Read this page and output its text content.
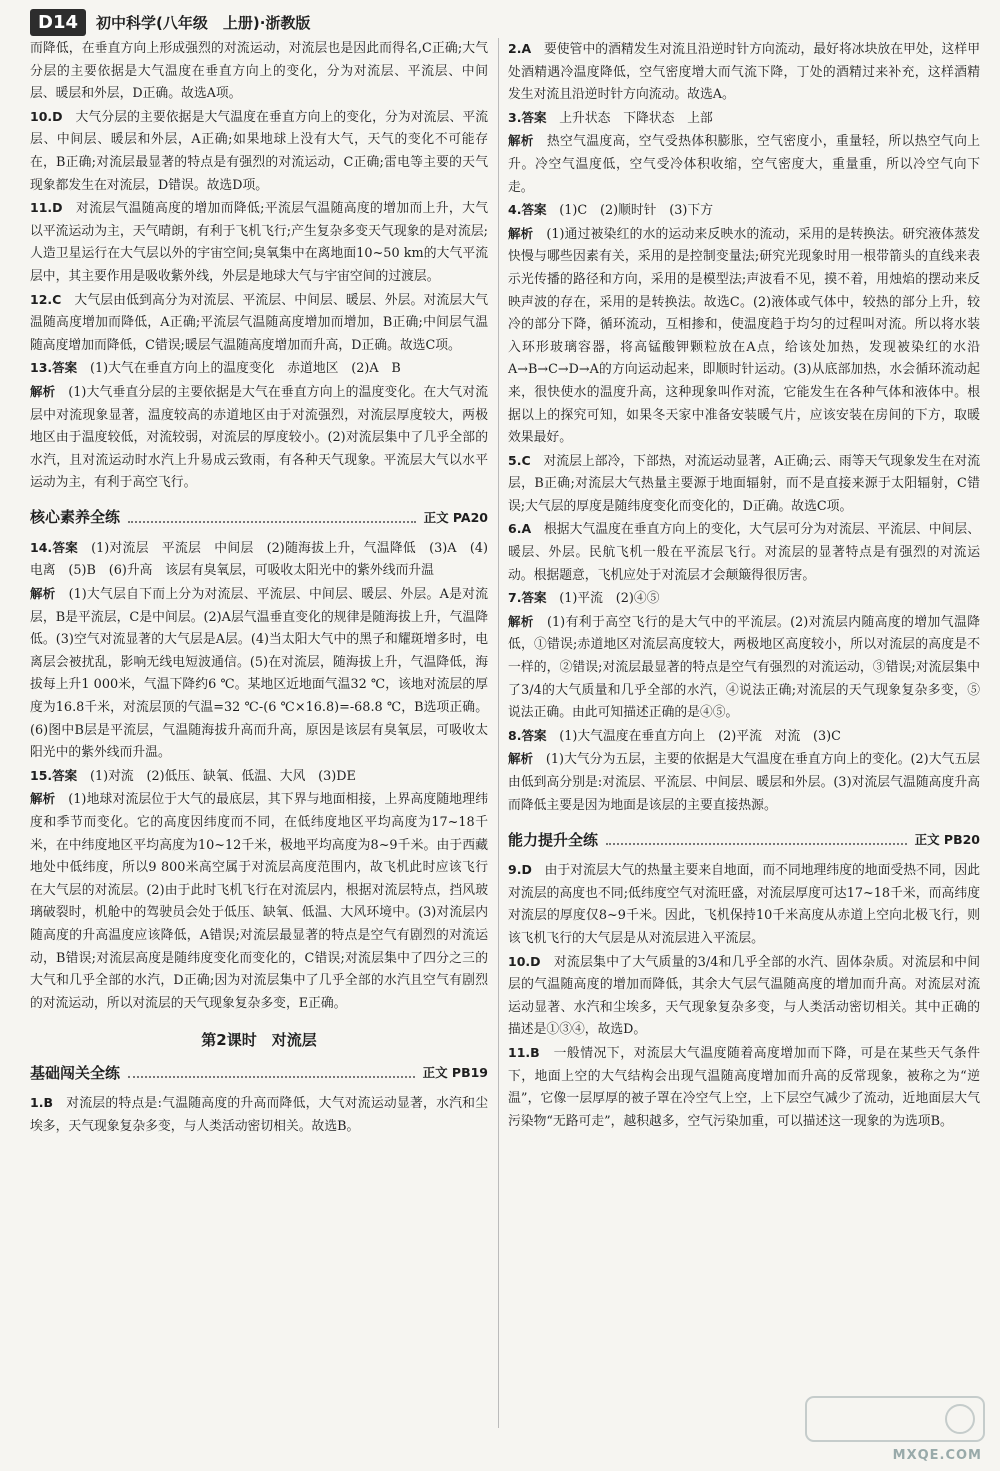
D14	初中科学(八年级　上册)·浙教版

而降低，在垂直方向上形成强烈的对流运动，对流层也是因此而得名,C正确;大气分层的主要依据是大气温度在垂直方向上的变化，分为对流层、平流层、中间层、暖层和外层，D正确。故选A项。

10.D　 大气分层的主要依据是大气温度在垂直方向上的变化，分为对流层、平流层、中间层、暖层和外层，A正确;如果地球上没有大气，天气的变化不可能存在，B正确;对流层最显著的特点是有强烈的对流运动，C正确;雷电等主要的天气现象都发生在对流层，D错误。故选D项。

11.D　 对流层气温随高度的增加而降低;平流层气温随高度的增加而上升，大气以平流运动为主，天气晴朗，有利于飞机飞行;产生复杂多变天气现象的是对流层;人造卫星运行在大气层以外的宇宙空间;臭氧集中在离地面10~50 km的大气平流层中，其主要作用是吸收紫外线，外层是地球大气与宇宙空间的过渡层。

12.C　 大气层由低到高分为对流层、平流层、中间层、暖层、外层。对流层大气温随高度增加而降低，A正确;平流层气温随高度增加而增加，B正确;中间层气温随高度增加而降低，C错误;暖层气温随高度增加而升高，D正确。故选C项。

13.答案　 (1)大气在垂直方向上的温度变化　赤道地区　(2)A　B

解析　 (1)大气垂直分层的主要依据是大气在垂直方向上的温度变化。在大气对流层中对流现象显著，温度较高的赤道地区由于对流强烈，对流层厚度较大，两极地区由于温度较低，对流较弱，对流层的厚度较小。(2)对流层集中了几乎全部的水汽，且对流运动时水汽上升易成云致雨，有各种天气现象。平流层大气以水平运动为主，有利于高空飞行。

核心素养全练	正文 PA20

14.答案　 (1)对流层　平流层　中间层　(2)随海拔上升，气温降低　(3)A　(4)电离　(5)B　(6)升高　该层有臭氧层，可吸收太阳光中的紫外线而升温

解析　 (1)大气层自下而上分为对流层、平流层、中间层、暖层、外层。A是对流层，B是平流层，C是中间层。(2)A层气温垂直变化的规律是随海拔上升，气温降低。(3)空气对流显著的大气层是A层。(4)当太阳大气中的黑子和耀斑增多时，电离层会被扰乱，影响无线电短波通信。(5)在对流层，随海拔上升，气温降低，海拔每上升1 000米，气温下降约6 ℃。某地区近地面气温32 ℃，该地对流层的厚度为16.8千米，对流层顶的气温=32 ℃-(6 ℃×16.8)=-68.8 ℃，B选项正确。(6)图中B层是平流层，气温随海拔升高而升高，原因是该层有臭氧层，可吸收太阳光中的紫外线而升温。

15.答案　 (1)对流　(2)低压、缺氧、低温、大风　(3)DE

解析　 (1)地球对流层位于大气的最底层，其下界与地面相接，上界高度随地理纬度和季节而变化。它的高度因纬度而不同，在低纬度地区平均高度为17~18千米，在中纬度地区平均高度为10~12千米，极地平均高度为8~9千米。由于西藏地处中低纬度，所以9 800米高空属于对流层高度范围内，故飞机此时应该飞行在大气层的对流层。(2)由于此时飞机飞行在对流层内，根据对流层特点，挡风玻璃破裂时，机舱中的驾驶员会处于低压、缺氧、低温、大风环境中。(3)对流层内随高度的升高温度应该降低，A错误;对流层最显著的特点是空气有剧烈的对流运动，B错误;对流层高度是随纬度变化而变化的，C错误;对流层集中了四分之三的大气和几乎全部的水汽，D正确;因为对流层集中了几乎全部的水汽且空气有剧烈的对流运动，所以对流层的天气现象复杂多变，E正确。

第2课时　对流层
基础闯关全练	正文 PB19

1.B　 对流层的特点是:气温随高度的升高而降低，大气对流运动显著，水汽和尘埃多，天气现象复杂多变，与人类活动密切相关。故选B。

2.A　 要使管中的酒精发生对流且沿逆时针方向流动，最好将冰块放在甲处，这样甲处酒精遇冷温度降低，空气密度增大而气流下降，丁处的酒精过来补充，这样酒精发生对流且沿逆时针方向流动。故选A。

3.答案　 上升状态　下降状态　上部

解析　 热空气温度高，空气受热体积膨胀，空气密度小，重量轻，所以热空气向上升。冷空气温度低，空气受冷体积收缩，空气密度大，重量重，所以冷空气向下走。

4.答案　 (1)C　(2)顺时针　(3)下方

解析　 (1)通过被染红的水的运动来反映水的流动，采用的是转换法。研究液体蒸发快慢与哪些因素有关，采用的是控制变量法;研究光现象时用一根带箭头的直线来表示光传播的路径和方向，采用的是模型法;声波看不见，摸不着，用烛焰的摆动来反映声波的存在，采用的是转换法。故选C。(2)液体或气体中，较热的部分上升，较冷的部分下降，循环流动，互相掺和，使温度趋于均匀的过程叫对流。所以将水装入环形玻璃容器，将高锰酸钾颗粒放在A点，给该处加热，发现被染红的水沿A→B→C→D→A的方向运动起来，即顺时针运动。(3)从底部加热，水会循环流动起来，很快使水的温度升高，这种现象叫作对流，它能发生在各种气体和液体中。根据以上的探究可知，如果冬天家中准备安装暖气片，应该安装在房间的下方，取暖效果最好。

5.C　 对流层上部冷，下部热，对流运动显著，A正确;云、雨等天气现象发生在对流层，B正确;对流层大气热量主要源于地面辐射，而不是直接来源于太阳辐射，C错误;大气层的厚度是随纬度变化而变化的，D正确。故选C项。

6.A　 根据大气温度在垂直方向上的变化，大气层可分为对流层、平流层、中间层、暖层、外层。民航飞机一般在平流层飞行。对流层的显著特点是有强烈的对流运动。根据题意，飞机应处于对流层才会颠簸得很厉害。

7.答案　 (1)平流　(2)④⑤

解析　 (1)有利于高空飞行的是大气中的平流层。(2)对流层内随高度的增加气温降低，①错误;赤道地区对流层高度较大，两极地区高度较小，所以对流层的高度是不一样的，②错误;对流层最显著的特点是空气有强烈的对流运动，③错误;对流层集中了3/4的大气质量和几乎全部的水汽，④说法正确;对流层的天气现象复杂多变，⑤说法正确。由此可知描述正确的是④⑤。

8.答案　 (1)大气温度在垂直方向上　(2)平流　对流　(3)C

解析　 (1)大气分为五层，主要的依据是大气温度在垂直方向上的变化。(2)大气五层由低到高分别是:对流层、平流层、中间层、暖层和外层。(3)对流层气温随高度升高而降低主要是因为地面是该层的主要直接热源。

能力提升全练	正文 PB20

9.D　 由于对流层大气的热量主要来自地面，而不同地理纬度的地面受热不同，因此对流层的高度也不同;低纬度空气对流旺盛，对流层厚度可达17~18千米，而高纬度对流层的厚度仅8~9千米。因此，飞机保持10千米高度从赤道上空向北极飞行，则该飞机飞行的大气层是从对流层进入平流层。

10.D　 对流层集中了大气质量的3/4和几乎全部的水汽、固体杂质。对流层和中间层的气温随高度的增加而降低，其余大气层气温随高度的增加而升高。对流层对流运动显著、水汽和尘埃多，天气现象复杂多变，与人类活动密切相关。其中正确的描述是①③④，故选D。

11.B　 一般情况下，对流层大气温度随着高度增加而下降，可是在某些天气条件下，地面上空的大气结构会出现气温随高度增加而升高的反常现象，被称之为“逆温”，它像一层厚厚的被子罩在冷空气上空，上下层空气减少了流动，近地面层大气污染物“无路可走”，越积越多，空气污染加重，可以描述这一现象的为选项B。

MXQE.COM
